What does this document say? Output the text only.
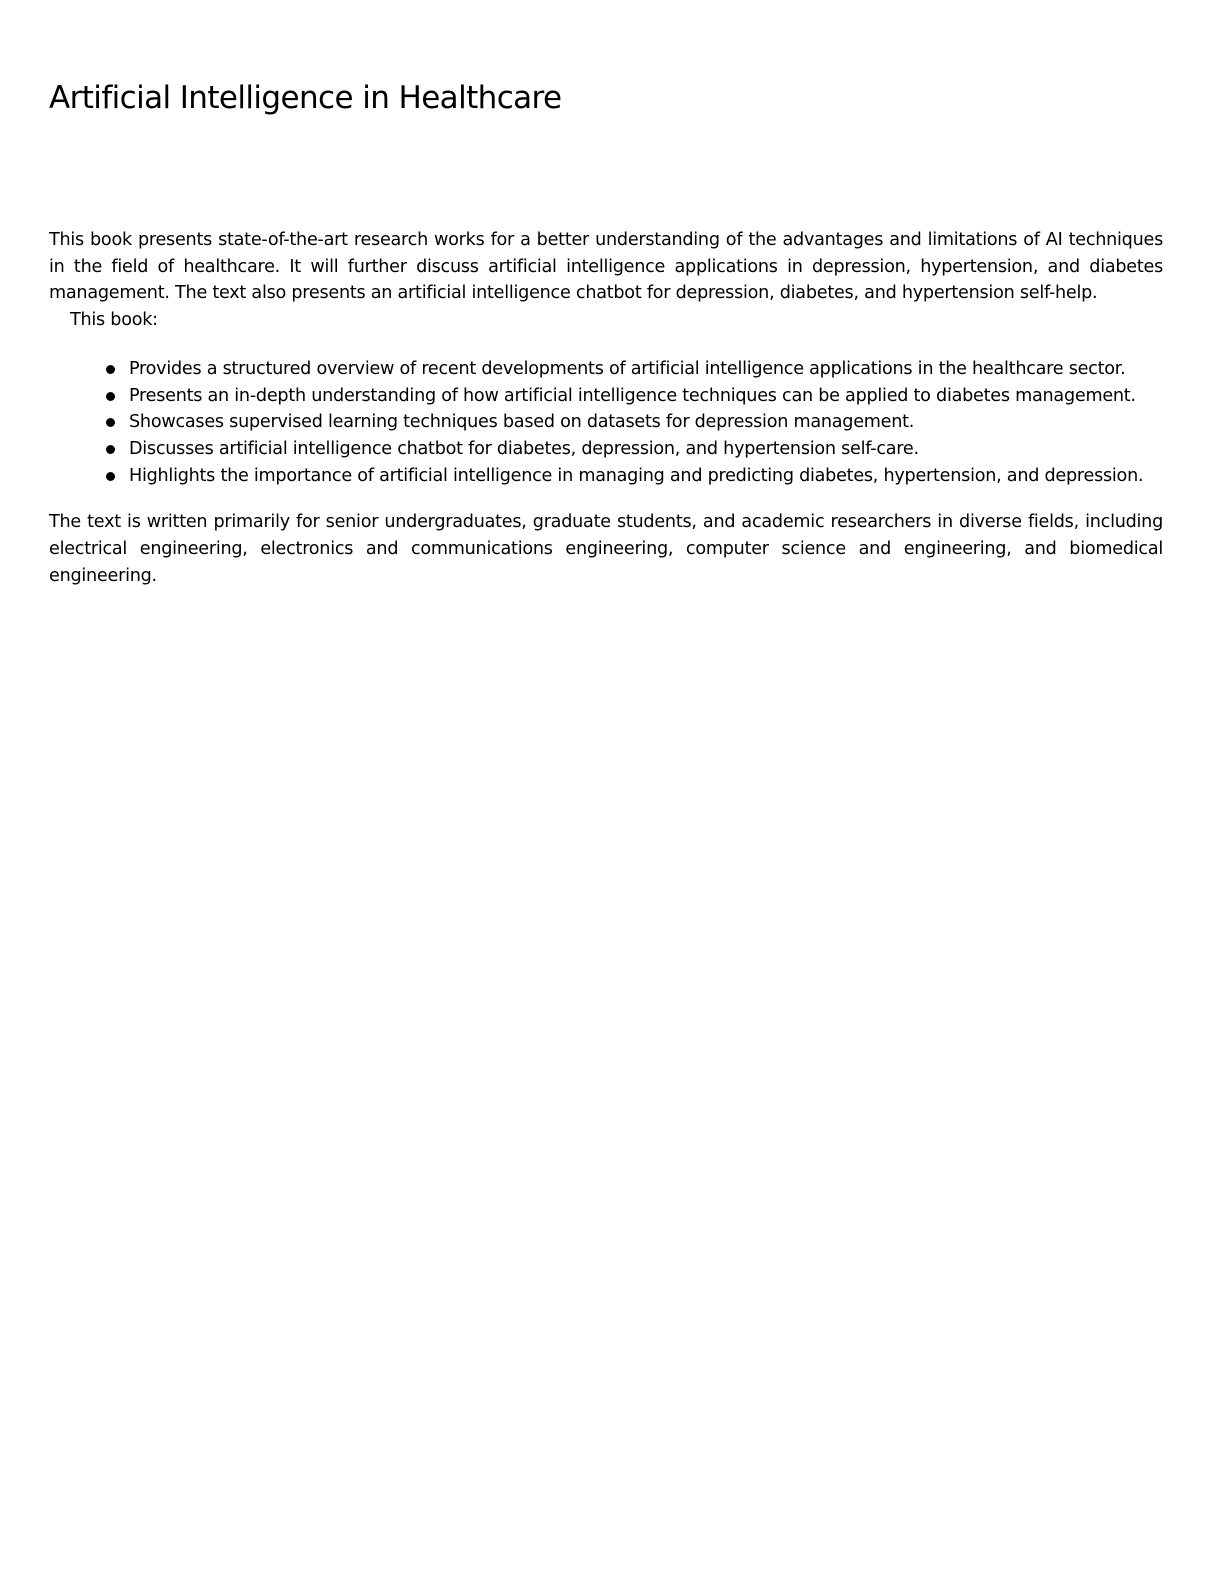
Artificial Intelligence in Healthcare

This book presents state-of-the-art research works for a better understanding of the advantages and limitations of AI techniques in the field of healthcare. It will further discuss artificial intelligence applications in depression, hypertension, and diabetes management. The text also presents an artificial intelligence chatbot for depression, diabetes, and hypertension self-help.

This book:

Provides a structured overview of recent developments of artificial intelligence applications in the healthcare sector.
Presents an in-depth understanding of how artificial intelligence techniques can be applied to diabetes management.
Showcases supervised learning techniques based on datasets for depression management.
Discusses artificial intelligence chatbot for diabetes, depression, and hypertension self-care.
Highlights the importance of artificial intelligence in managing and predicting diabetes, hypertension, and depression.

The text is written primarily for senior undergraduates, graduate students, and academic researchers in diverse fields, including electrical engineering, electronics and communications engineering, computer science and engineering, and biomedical engineering.
